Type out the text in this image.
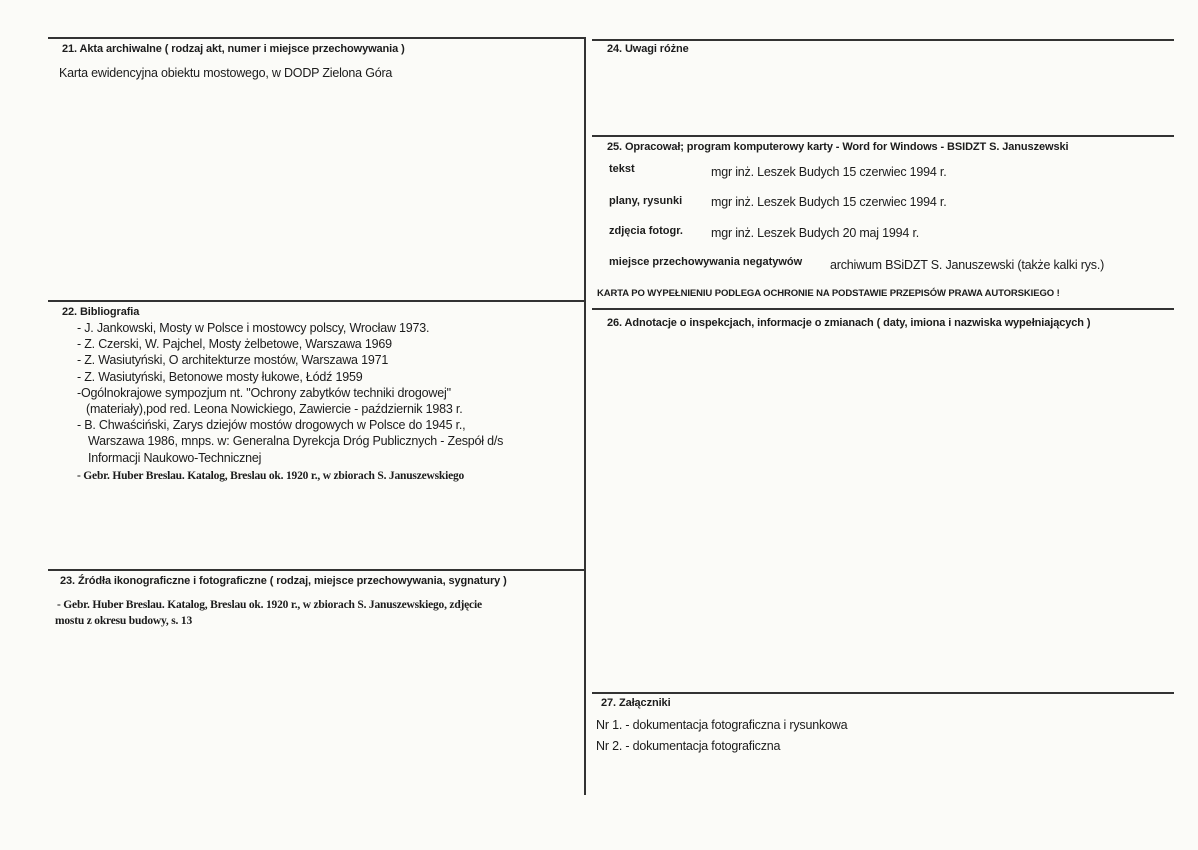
21. Akta archiwalne ( rodzaj akt, numer i miejsce przechowywania )
Karta ewidencyjna obiektu mostowego, w DODP Zielona Góra
24. Uwagi różne
25. Opracował; program komputerowy karty - Word for Windows - BSIDZT S. Januszewski
tekst	mgr inż. Leszek Budych 15 czerwiec 1994 r.
plany, rysunki mgr inż. Leszek Budych 15 czerwiec 1994 r.
zdjęcia fotogr. mgr inż. Leszek Budych 20 maj 1994 r.
miejsce przechowywania negatywów archiwum BSiDZT S. Januszewski (także kalki rys.)
KARTA PO WYPEŁNIENIU PODLEGA OCHRONIE NA PODSTAWIE PRZEPISÓW PRAWA AUTORSKIEGO !
22. Bibliografia
- J. Jankowski, Mosty w Polsce i mostowcy polscy, Wrocław 1973.
- Z. Czerski, W. Pajchel, Mosty żelbetowe, Warszawa 1969
- Z. Wasiutyński, O architekturze mostów, Warszawa 1971
- Z. Wasiutyński, Betonowe mosty łukowe, Łódź 1959
-Ogólnokrajowe sympozjum nt. "Ochrony zabytków techniki drogowej"
(materiały),pod red. Leona Nowickiego, Zawiercie - październik 1983 r.
- B. Chwaściński, Zarys dziejów mostów drogowych w Polsce do 1945 r.,
Warszawa 1986, mnps. w: Generalna Dyrekcja Dróg Publicznych - Zespół d/s
Informacji Naukowo-Technicznej
- Gebr. Huber Breslau. Katalog, Breslau ok. 1920 r., w zbiorach S. Januszewskiego
26. Adnotacje o inspekcjach, informacje o zmianach ( daty, imiona i nazwiska wypełniających )
23. Źródła ikonograficzne i fotograficzne ( rodzaj, miejsce przechowywania, sygnatury )
- Gebr. Huber Breslau. Katalog, Breslau ok. 1920 r., w zbiorach S. Januszewskiego, zdjęcie
mostu z okresu budowy, s. 13
27. Załączniki
Nr 1. - dokumentacja fotograficzna i rysunkowa
Nr 2. - dokumentacja fotograficzna
